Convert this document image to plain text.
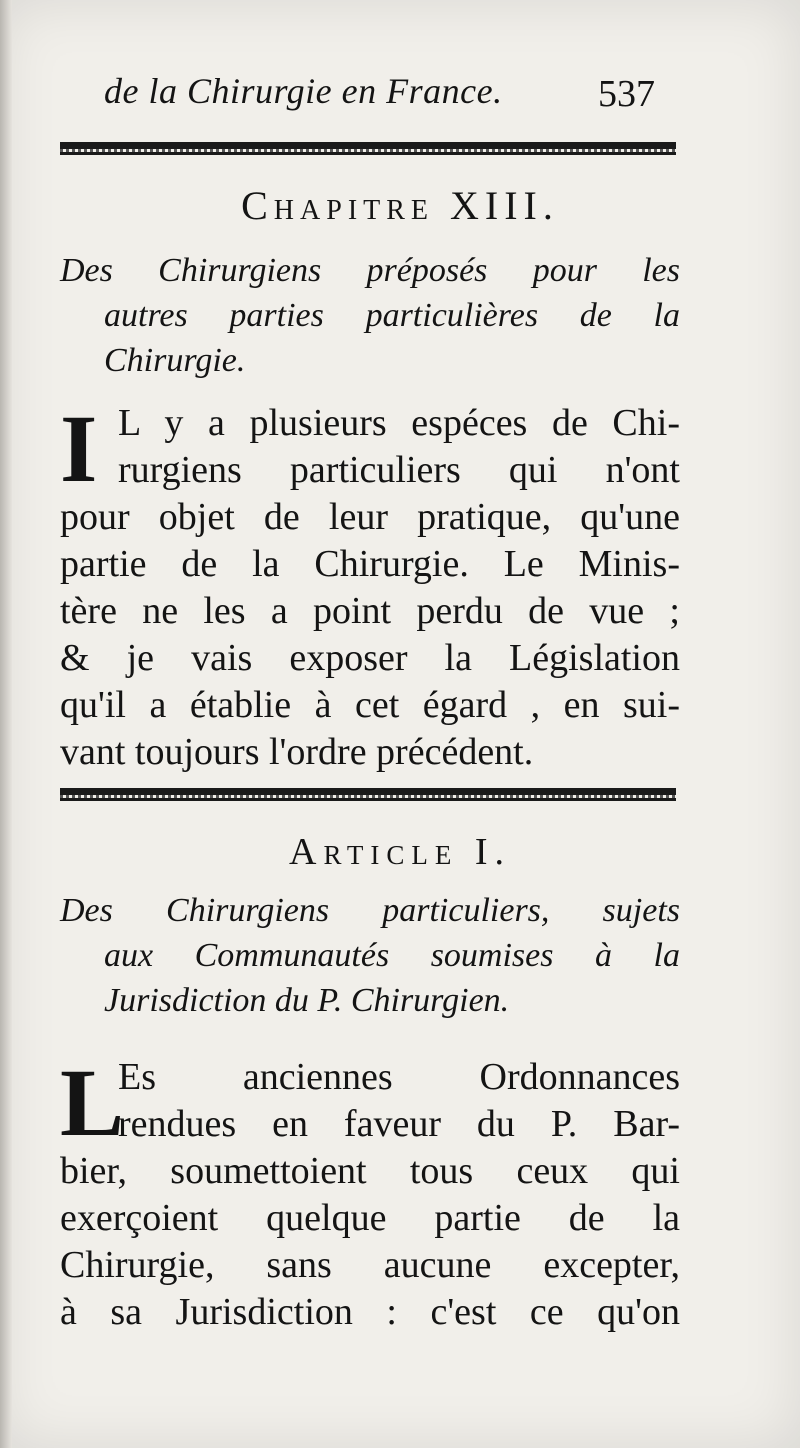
de la Chirurgie en France.	537
Chapitre XIII.
Des Chirurgiens préposés pour les
autres parties particulières de la
Chirurgie.
I L y a plusieurs espéces de Chi-
rurgiens particuliers qui n'ont
pour objet de leur pratique, qu'une
partie de la Chirurgie. Le Minis-
tère ne les a point perdu de vue ;
& je vais exposer la Législation
qu'il a établie à cet égard , en sui-
vant toujours l'ordre précédent.
Article I.
Des Chirurgiens particuliers, sujets
aux Communautés soumises à la
Jurisdiction du P. Chirurgien.
L
Es anciennes Ordonnances
rendues en faveur du P. Bar-
bier, soumettoient tous ceux qui
exerçoient quelque partie de la
Chirurgie, sans aucune excepter,
à sa Jurisdiction : c'est ce qu'on
